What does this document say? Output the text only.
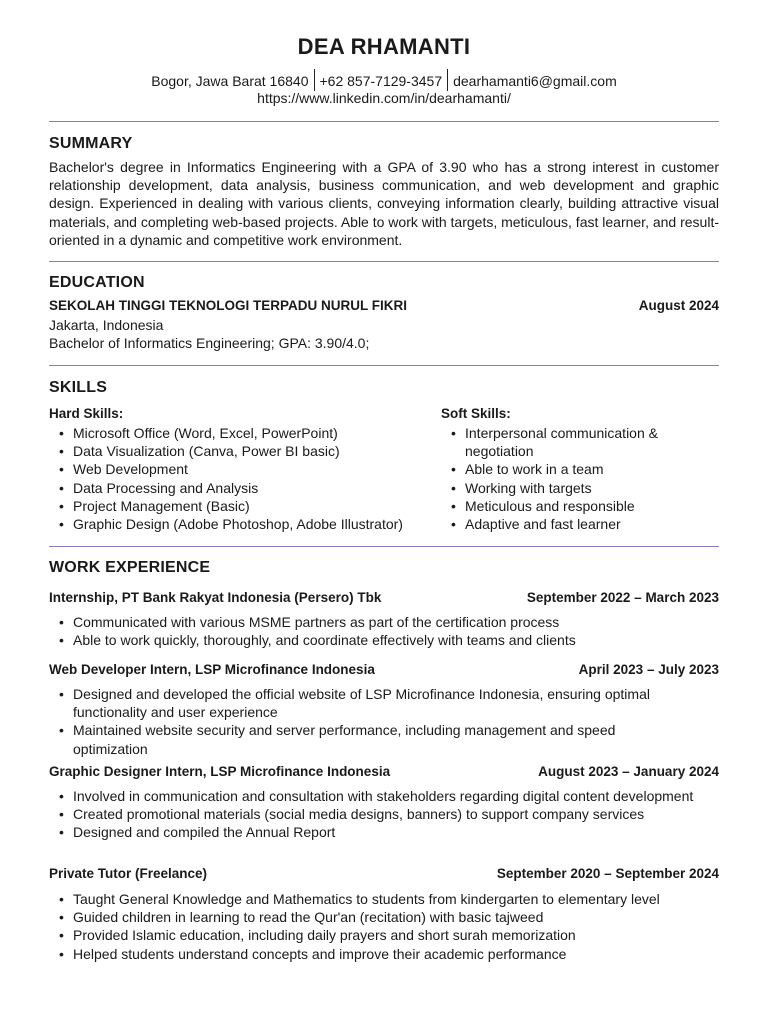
DEA RHAMANTI
Bogor, Jawa Barat 16840 +62 857-7129-3457 dearhamanti6@gmail.com
https://www.linkedin.com/in/dearhamanti/
SUMMARY

Bachelor's degree in Informatics Engineering with a GPA of 3.90 who has a strong interest in customer relationship development, data analysis, business communication, and web development and graphic design. Experienced in dealing with various clients, conveying information clearly, building attractive visual materials, and completing web-based projects. Able to work with targets, meticulous, fast learner, and result-oriented in a dynamic and competitive work environment.

EDUCATION
SEKOLAH TINGGI TEKNOLOGI TERPADU NURUL FIKRI	August 2024
Jakarta, Indonesia
Bachelor of Informatics Engineering; GPA: 3.90/4.0;
SKILLS
Hard Skills:
• Microsoft Office (Word, Excel, PowerPoint)
• Data Visualization (Canva, Power BI basic)
• Web Development
• Data Processing and Analysis
• Project Management (Basic)
• Graphic Design (Adobe Photoshop, Adobe Illustrator)
Soft Skills:
• Interpersonal communication & negotiation
• Able to work in a team
• Working with targets
• Meticulous and responsible
• Adaptive and fast learner
WORK EXPERIENCE
Internship, PT Bank Rakyat Indonesia (Persero) Tbk	September 2022 – March 2023
• Communicated with various MSME partners as part of the certification process
• Able to work quickly, thoroughly, and coordinate effectively with teams and clients
Web Developer Intern, LSP Microfinance Indonesia	April 2023 – July 2023
• Designed and developed the official website of LSP Microfinance Indonesia, ensuring optimal functionality and user experience
• Maintained website security and server performance, including management and speed optimization
Graphic Designer Intern, LSP Microfinance Indonesia	August 2023 – January 2024
• Involved in communication and consultation with stakeholders regarding digital content development
• Created promotional materials (social media designs, banners) to support company services
• Designed and compiled the Annual Report
Private Tutor (Freelance)	September 2020 – September 2024
• Taught General Knowledge and Mathematics to students from kindergarten to elementary level
• Guided children in learning to read the Qur'an (recitation) with basic tajweed
• Provided Islamic education, including daily prayers and short surah memorization
• Helped students understand concepts and improve their academic performance
